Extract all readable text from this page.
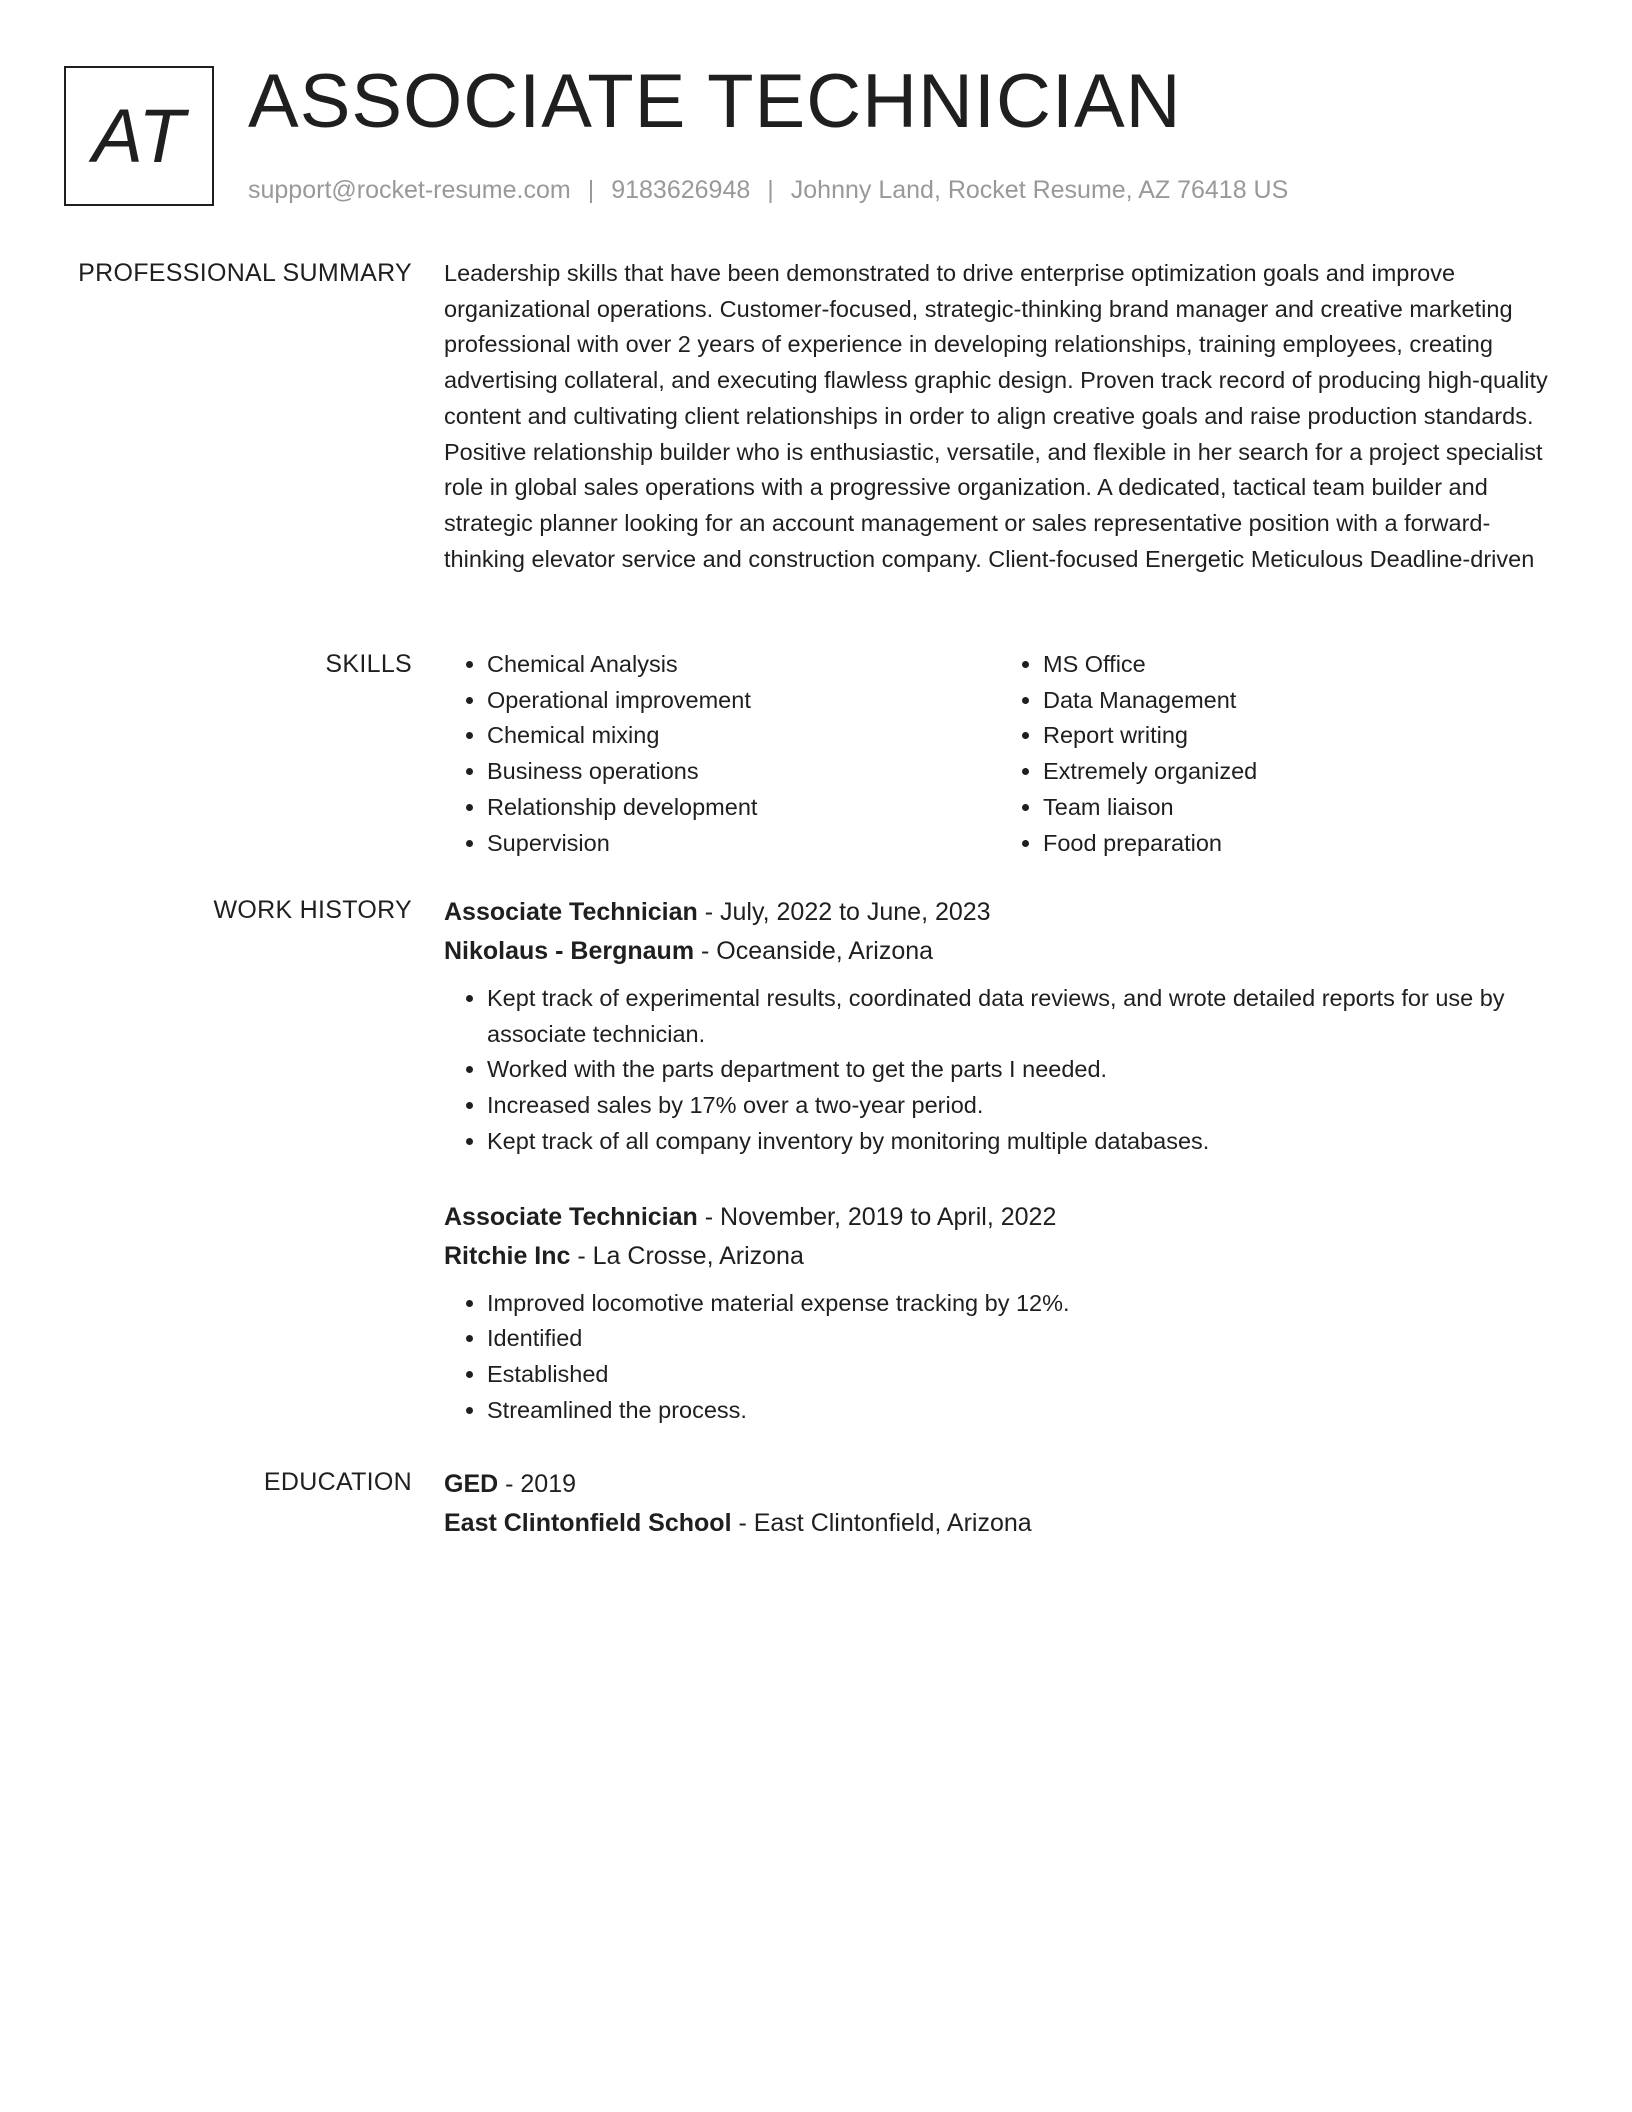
AT ASSOCIATE TECHNICIAN
support@rocket-resume.com | 9183626948 | Johnny Land, Rocket Resume, AZ 76418 US
PROFESSIONAL SUMMARY Leadership skills that have been demonstrated to drive enterprise optimization goals and improve organizational operations. Customer-focused, strategic-thinking brand manager and creative marketing professional with over 2 years of experience in developing relationships, training employees, creating advertising collateral, and executing flawless graphic design. Proven track record of producing high-quality content and cultivating client relationships in order to align creative goals and raise production standards. Positive relationship builder who is enthusiastic, versatile, and flexible in her search for a project specialist role in global sales operations with a progressive organization. A dedicated, tactical team builder and strategic planner looking for an account management or sales representative position with a forward-thinking elevator service and construction company. Client-focused Energetic Meticulous Deadline-driven

SKILLS
•	Chemical Analysis
• Operational improvement
• Chemical mixing
• Business operations
• Relationship development
• Supervision
• MS Office
• Data Management
• Report writing
• Extremely organized
• Team liaison
• Food preparation
WORK HISTORY Associate Technician - July, 2022 to June, 2023
Nikolaus - Bergnaum - Oceanside, Arizona
• Kept track of experimental results, coordinated data reviews, and wrote detailed reports for use by associate technician.
• Worked with the parts department to get the parts I needed.
• Increased sales by 17% over a two-year period.
• Kept track of all company inventory by monitoring multiple databases.
Associate Technician - November, 2019 to April, 2022
Ritchie Inc - La Crosse, Arizona
• Improved locomotive material expense tracking by 12%.
• Identified
• Established
• Streamlined the process.
EDUCATION GED - 2019
East Clintonfield School - East Clintonfield, Arizona
